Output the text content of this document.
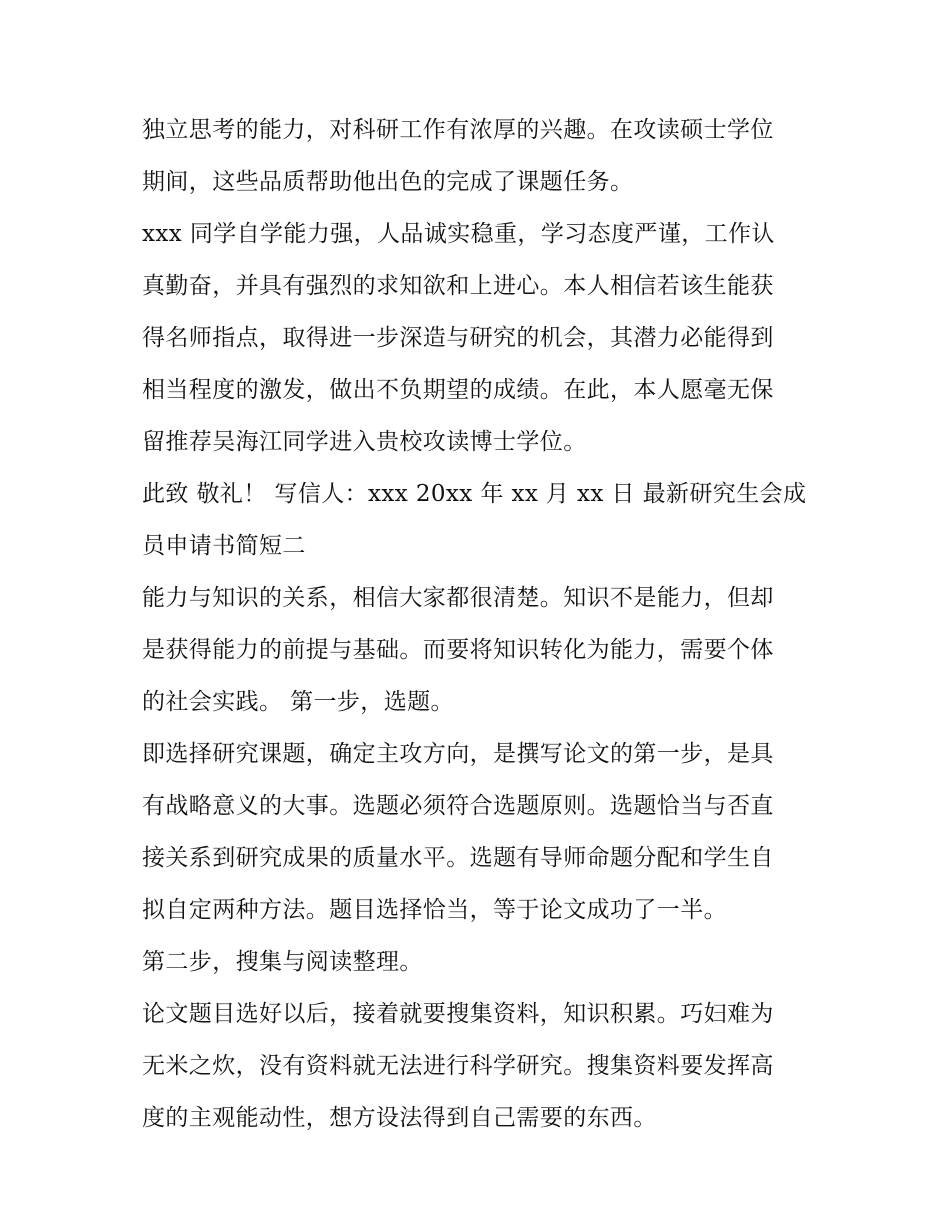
独立思考的能力，对科研工作有浓厚的兴趣。在攻读硕士学位
期间，这些品质帮助他出色的完成了课题任务。
xxx 同学自学能力强，人品诚实稳重，学习态度严谨，工作认
真勤奋，并具有强烈的求知欲和上进心。本人相信若该生能获
得名师指点，取得进一步深造与研究的机会，其潜力必能得到
相当程度的激发，做出不负期望的成绩。在此，本人愿毫无保
留推荐吴海江同学进入贵校攻读博士学位。
此致 敬礼！ 写信人：xxx 20xx 年 xx 月 xx 日 最新研究生会成
员申请书简短二
能力与知识的关系，相信大家都很清楚。知识不是能力，但却
是获得能力的前提与基础。而要将知识转化为能力，需要个体
的社会实践。 第一步，选题。
即选择研究课题，确定主攻方向，是撰写论文的第一步，是具
有战略意义的大事。选题必须符合选题原则。选题恰当与否直
接关系到研究成果的质量水平。选题有导师命题分配和学生自
拟自定两种方法。题目选择恰当，等于论文成功了一半。
第二步，搜集与阅读整理。
论文题目选好以后，接着就要搜集资料，知识积累。巧妇难为
无米之炊，没有资料就无法进行科学研究。搜集资料要发挥高
度的主观能动性，想方设法得到自己需要的东西。
